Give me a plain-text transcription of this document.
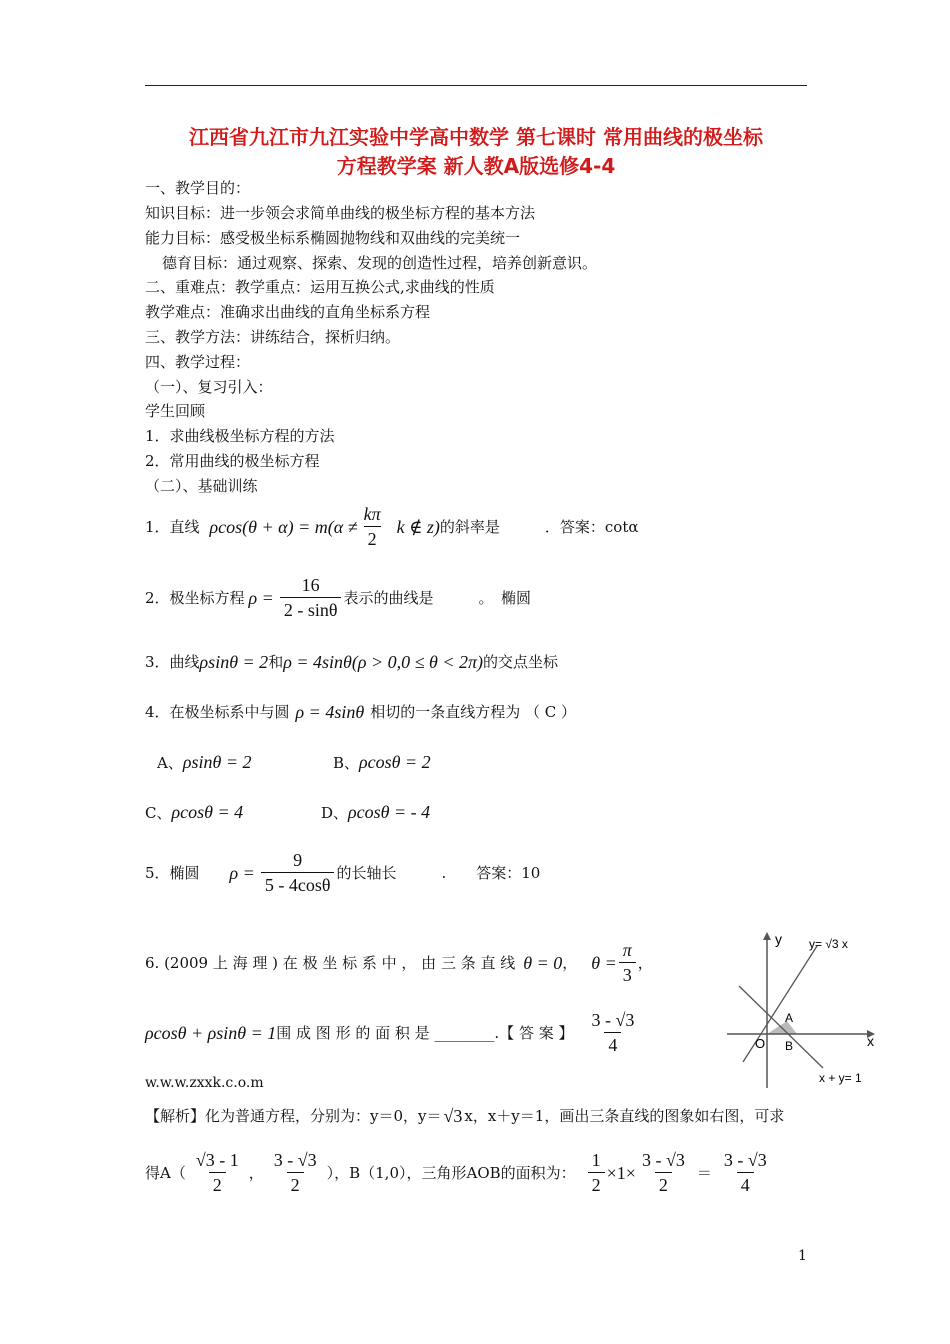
江西省九江市九江实验中学高中数学 第七课时 常用曲线的极坐标
方程教学案 新人教A版选修4-4
一、教学目的：
知识目标：进一步领会求简单曲线的极坐标方程的基本方法
能力目标：感受极坐标系椭圆抛物线和双曲线的完美统一
德育目标：通过观察、探索、发现的创造性过程，培养创新意识。
二、重难点：教学重点：运用互换公式,求曲线的性质
教学难点：准确求出曲线的直角坐标系方程
三、教学方法：讲练结合，探析归纳。
四、教学过程：
（一）、复习引入：
学生回顾
1．求曲线极坐标方程的方法
2．常用曲线的极坐标方程
（二）、基础训练
1．直线 $\rho\cos(\theta + \alpha) = m(\alpha \ne \frac{k\pi}{2}$ k ∉ z) 的斜率是　　　．答案：cotα
2．极坐标方程 $\rho = \frac{16}{2 - \sin\theta}$ 表示的曲线是　　　。　椭圆
3．曲线 ρsinθ = 2 和 ρ = 4sinθ(ρ > 0,0 ≤ θ < 2π) 的交点坐标
4．在极坐标系中与圆 ρ = 4sinθ 相切的一条直线方程为 （ C ）
A、ρsinθ = 2	B、ρcosθ = 2
C、ρcosθ = 4	D、ρcosθ = - 4
5．椭圆 $\rho = \frac{9}{5 - 4\cos\theta}$ 的长轴长　　　.　　答案：10
6. (2009 上 海 理 ) 在 极 坐 标 系 中 ， 由 三 条 直 线 θ = 0 ， $\theta = \frac{\pi}{3}$ ，
ρcosθ + ρsinθ = 1 围 成 图 形 的 面 积 是 ________.【 答 案 】 $\frac{3 - √3}{4}$
w.w.w.zxxk.c.o.m
【解析】化为普通方程，分别为：y＝0，y＝ √3 x，x＋y＝1，画出三条直线的图象如右图，可求
得$A( \frac{√3 - 1}{2}$ ， $\frac{3 - √3}{2}$ ），B（1,0），三角形AOB的面积为： $\frac{1}{2} \times 1\times \frac{3 - √3}{2} = \frac{3 - √3}{4}$
y
x
O
A
B
y= √3 x
x + y= 1
1
